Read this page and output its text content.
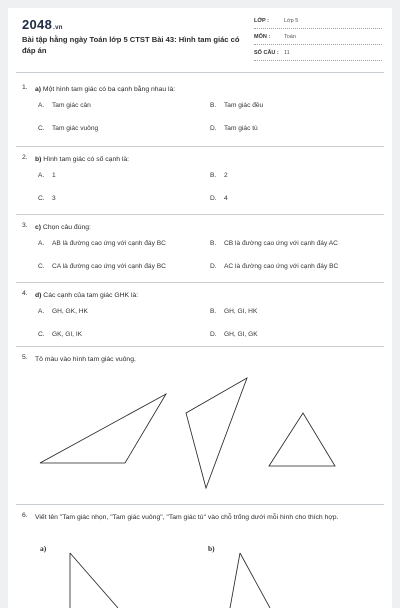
2048.vn
Bài tập hằng ngày Toán lớp 5 CTST Bài 43: Hình tam giác có đáp án
LỚP :	Lớp 5
MÔN :	Toán
SỐ CÂU : 11
1. a) Một hình tam giác có ba cạnh bằng nhau là:
A. Tam giác cân	B. Tam giác đều
C. Tam giác vuông	D. Tam giác tù
2. b) Hình tam giác có số cạnh là:
A. 1	B. 2
C. 3	D. 4
3. c) Chọn câu đúng:
A. AB là đường cao ứng với cạnh đáy BC	B. CB là đường cao ứng với cạnh đáy AC
C. CA là đường cao ứng với cạnh đáy BC	D. AC là đường cao ứng với cạnh đáy BC
4. d) Các cạnh của tam giác GHK là:
A. GH, GK, HK	B. GH, GI, HK
C. GK, GI, IK	D. GH, GI, GK
5. Tô màu vào hình tam giác vuông.
6. Viết tên "Tam giác nhọn, "Tam giác vuông", "Tam giác tù" vào chỗ trống dưới mỗi hình cho thích hợp.
a)	b)
